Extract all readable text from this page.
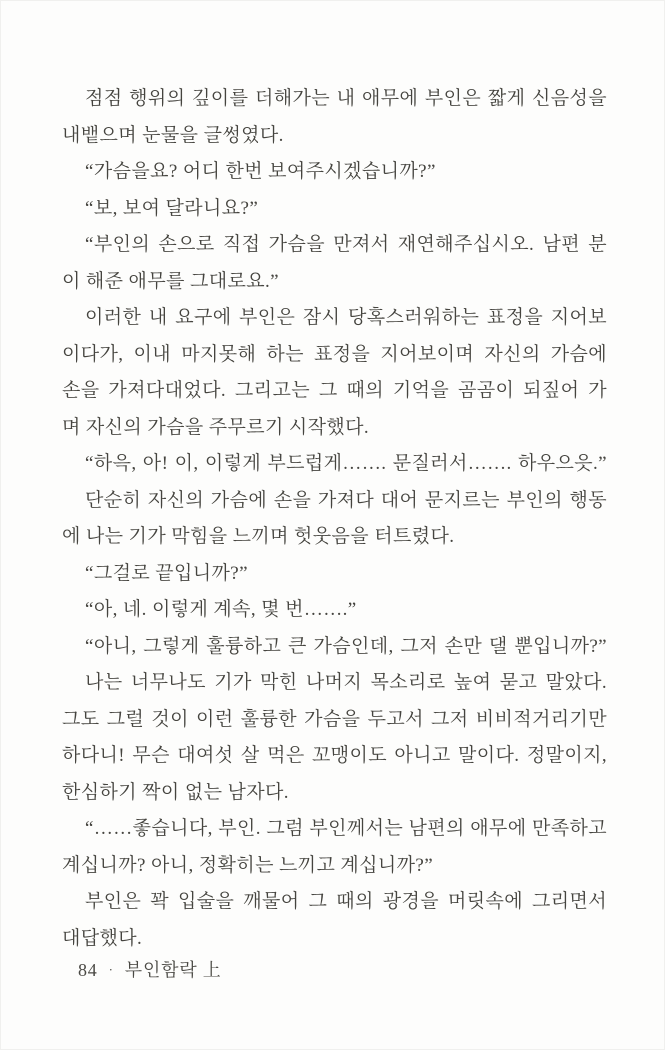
점점 행위의 깊이를 더해가는 내 애무에 부인은 짧게 신음성을
내뱉으며 눈물을 글썽였다.
“가슴을요? 어디 한번 보여주시겠습니까?”
“보, 보여 달라니요?”
“부인의 손으로 직접 가슴을 만져서 재연해주십시오. 남편 분
이 해준 애무를 그대로요.”
이러한 내 요구에 부인은 잠시 당혹스러워하는 표정을 지어보
이다가, 이내 마지못해 하는 표정을 지어보이며 자신의 가슴에
손을 가져다대었다. 그리고는 그 때의 기억을 곰곰이 되짚어 가
며 자신의 가슴을 주무르기 시작했다.
“하윽, 아! 이, 이렇게 부드럽게……. 문질러서……. 하우으읏.”
단순히 자신의 가슴에 손을 가져다 대어 문지르는 부인의 행동
에 나는 기가 막힘을 느끼며 헛웃음을 터트렸다.
“그걸로 끝입니까?”
“아, 네. 이렇게 계속, 몇 번…….”
“아니, 그렇게 훌륭하고 큰 가슴인데, 그저 손만 댈 뿐입니까?”
나는 너무나도 기가 막힌 나머지 목소리로 높여 묻고 말았다.
그도 그럴 것이 이런 훌륭한 가슴을 두고서 그저 비비적거리기만
하다니! 무슨 대여섯 살 먹은 꼬맹이도 아니고 말이다. 정말이지,
한심하기 짝이 없는 남자다.
“……좋습니다, 부인. 그럼 부인께서는 남편의 애무에 만족하고
계십니까? 아니, 정확히는 느끼고 계십니까?”
부인은 꽉 입술을 깨물어 그 때의 광경을 머릿속에 그리면서
대답했다.
84 · 부인함락 上
